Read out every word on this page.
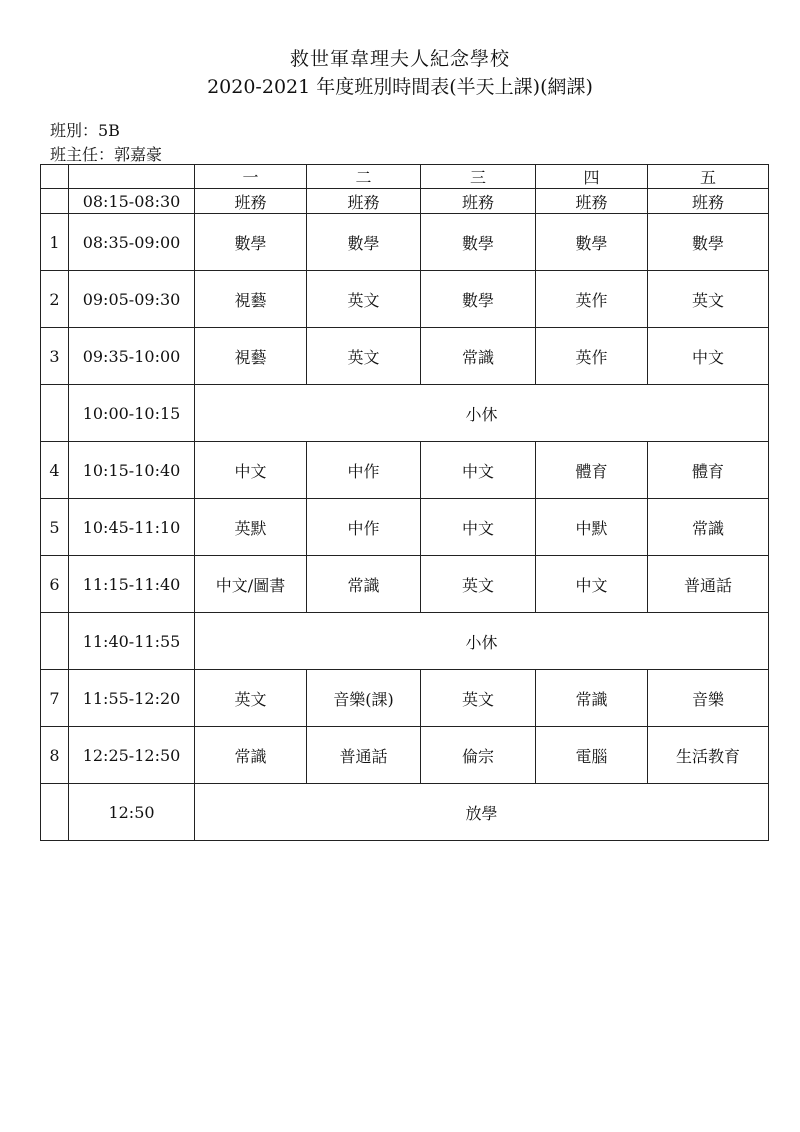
救世軍韋理夫人紀念學校
2020-2021 年度班別時間表(半天上課)(網課)
班別：5B
班主任：郭嘉豪
		一	二	三	四	五
	08:15-08:30	班務	班務	班務	班務	班務
1	08:35-09:00	數學	數學	數學	數學	數學
2	09:05-09:30	視藝	英文	數學	英作	英文
3	09:35-10:00	視藝	英文	常識	英作	中文
	10:00-10:15	小休				
4	10:15-10:40	中文	中作	中文	體育	體育
5	10:45-11:10	英默	中作	中文	中默	常識
6	11:15-11:40	中文/圖書	常識	英文	中文	普通話
	11:40-11:55	小休				
7	11:55-12:20	英文	音樂(課)	英文	常識	音樂
8	12:25-12:50	常識	普通話	倫宗	電腦	生活教育
	12:50	放學				
